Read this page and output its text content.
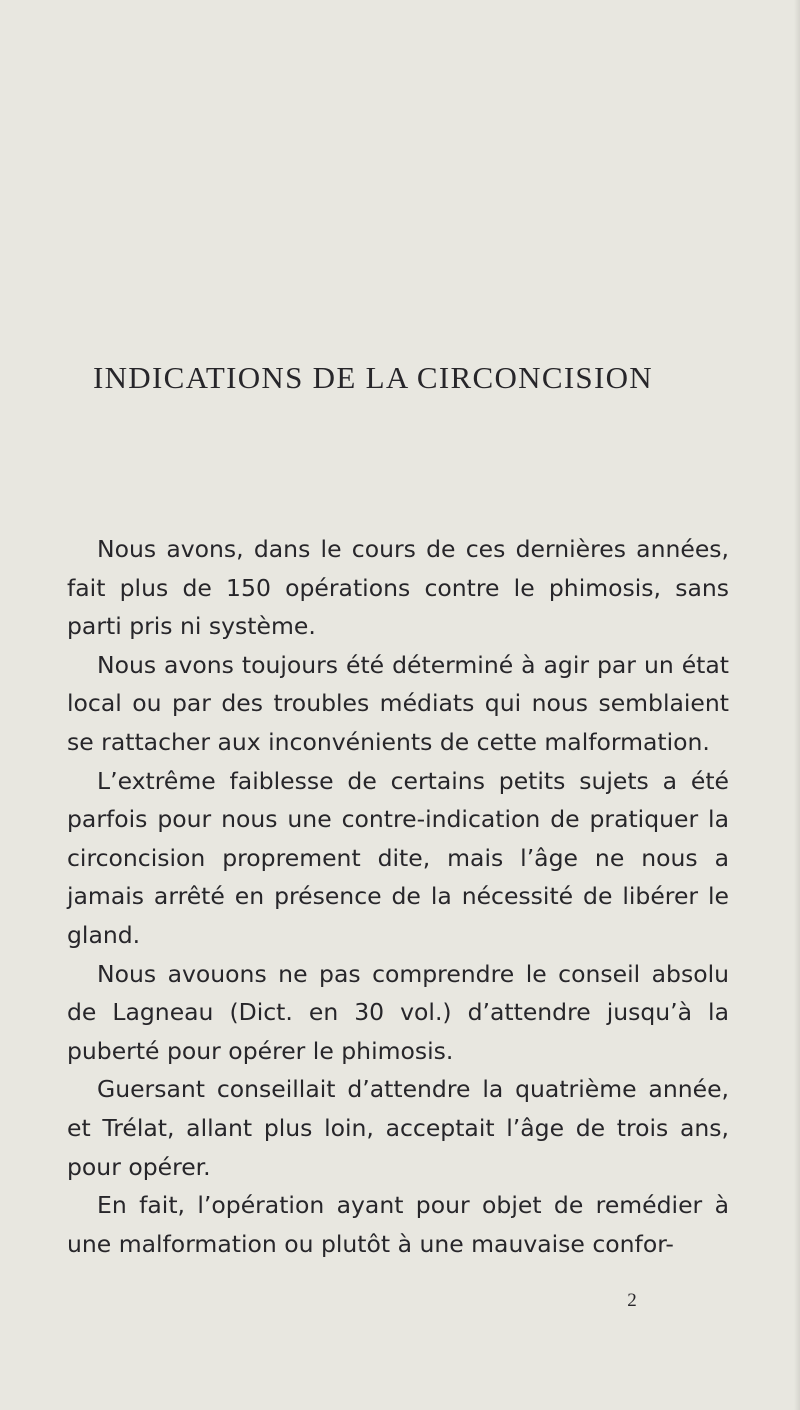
INDICATIONS DE LA CIRCONCISION

Nous avons, dans le cours de ces dernières années, fait plus de 150 opérations contre le phimosis, sans parti pris ni système.

Nous avons toujours été déterminé à agir par un état local ou par des troubles médiats qui nous semblaient se rattacher aux inconvénients de cette malformation.

L’extrême faiblesse de certains petits sujets a été parfois pour nous une contre-indication de pratiquer la circoncision proprement dite, mais l’âge ne nous a jamais arrêté en présence de la nécessité de libérer le gland.

Nous avouons ne pas comprendre le conseil absolu de Lagneau (Dict. en 30 vol.) d’attendre jusqu’à la puberté pour opérer le phimosis.

Guersant conseillait d’attendre la quatrième année, et Trélat, allant plus loin, acceptait l’âge de trois ans, pour opérer.

En fait, l’opération ayant pour objet de remédier à une malformation ou plutôt à une mauvaise confor-

2
